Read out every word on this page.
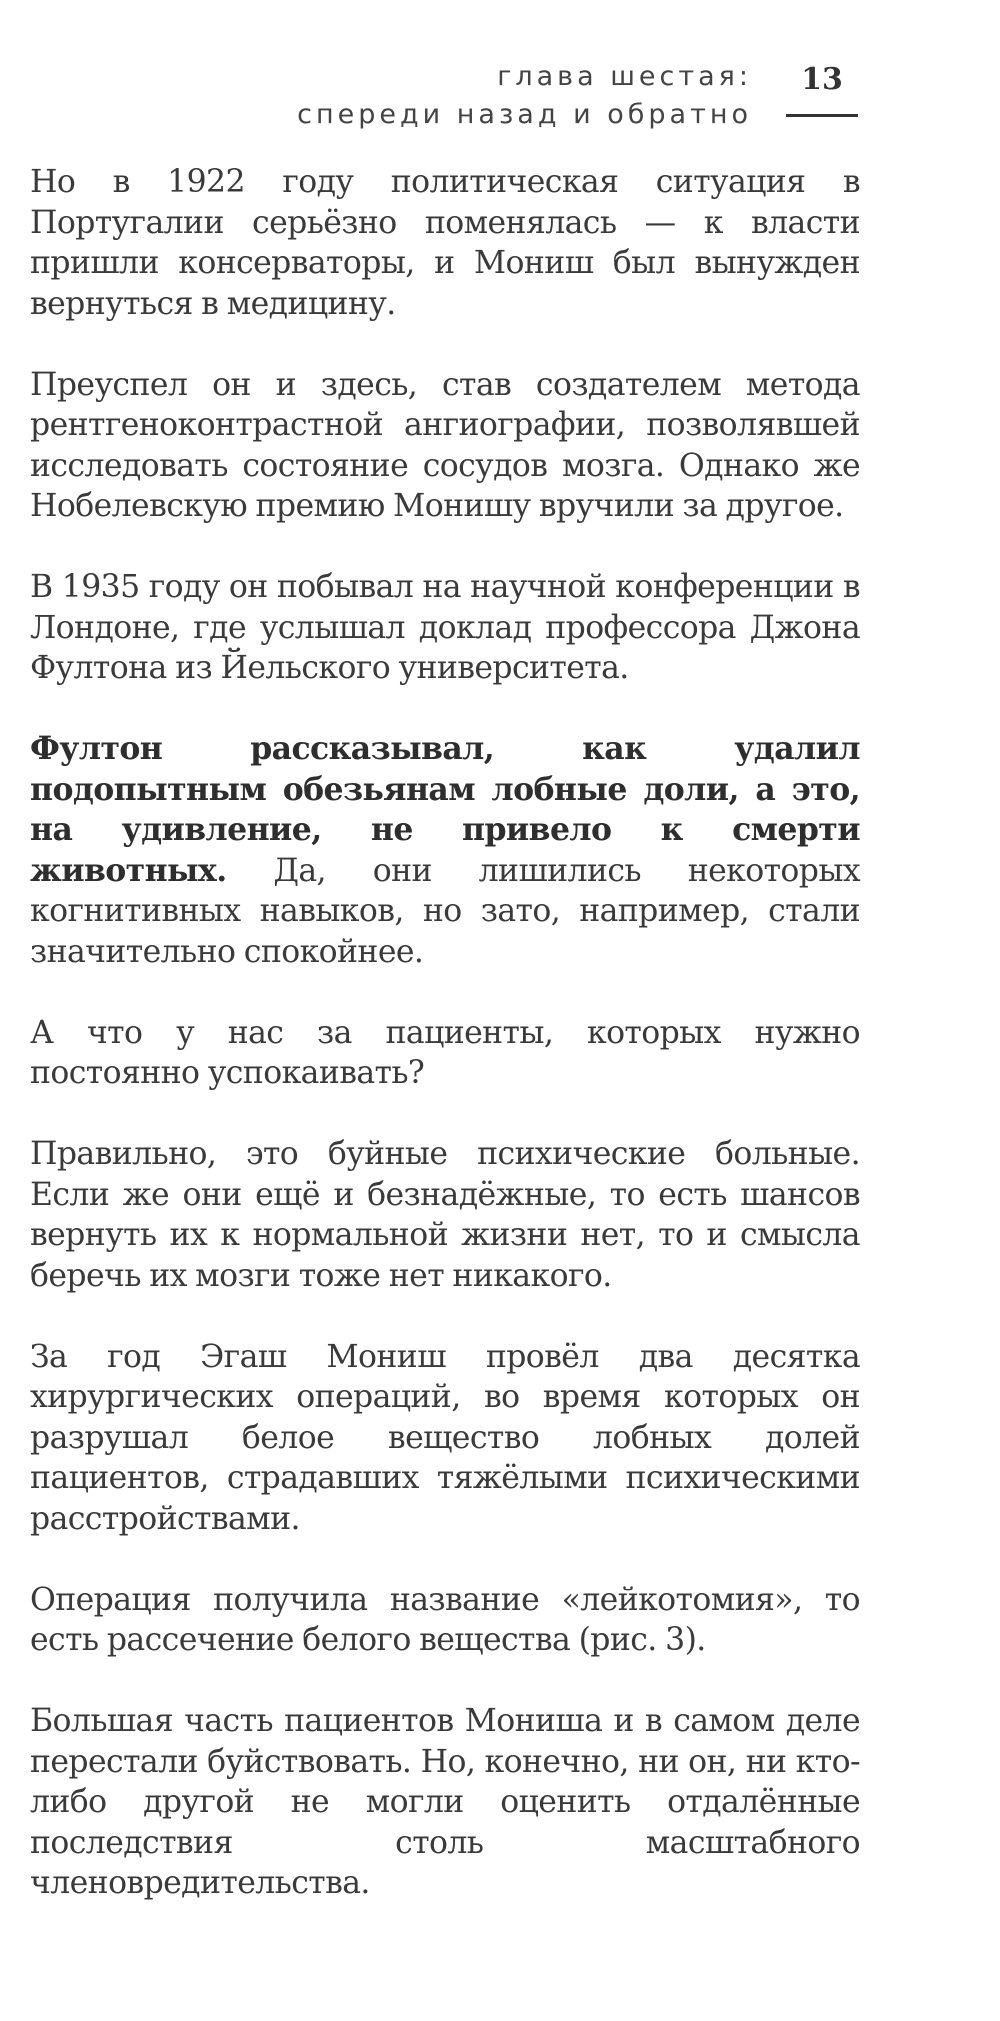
глава шестая:
спереди назад и обратно
13

Но в 1922 году политическая ситуация в Португалии серьёзно поменялась — к власти пришли консерваторы, и Мониш был вынужден вернуться в медицину.

Преуспел он и здесь, став создателем метода рентгеноконтрастной ангиографии, позволявшей исследовать состояние сосудов мозга. Однако же Нобелевскую премию Монишу вручили за другое.

В 1935 году он побывал на научной конференции в Лондоне, где услышал доклад профессора Джона Фултона из Йельского университета.

Фултон рассказывал, как удалил подопытным обезьянам лобные доли, а это, на удивление, не привело к смерти животных. Да, они лишились некоторых когнитивных навыков, но зато, например, стали значительно спокойнее.

А что у нас за пациенты, которых нужно постоянно успокаивать?

Правильно, это буйные психические больные. Если же они ещё и безнадёжные, то есть шансов вернуть их к нормальной жизни нет, то и смысла беречь их мозги тоже нет никакого.

За год Эгаш Мониш провёл два десятка хирургических операций, во время которых он разрушал белое вещество лобных долей пациентов, страдавших тяжёлыми психическими расстройствами.

Операция получила название «лейкотомия», то есть рассечение белого вещества (рис. 3).

Большая часть пациентов Мониша и в самом деле перестали буйствовать. Но, конечно, ни он, ни кто-либо другой не могли оценить отдалённые последствия столь масштабного членовредительства.
